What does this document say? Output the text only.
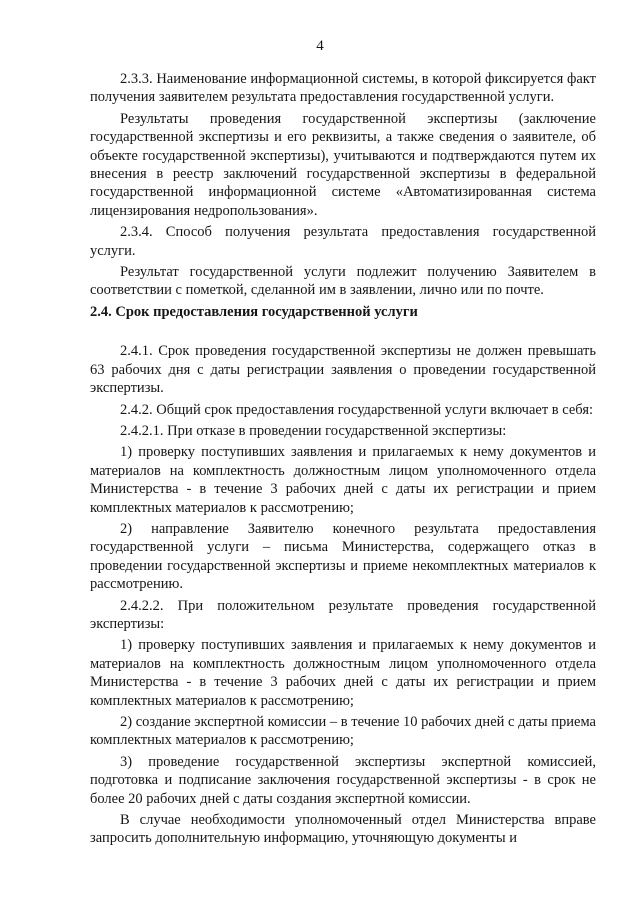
4

2.3.3. Наименование информационной системы, в которой фиксируется факт получения заявителем результата предоставления государственной услуги.

Результаты проведения государственной экспертизы (заключение государственной экспертизы и его реквизиты, а также сведения о заявителе, об объекте государственной экспертизы), учитываются и подтверждаются путем их внесения в реестр заключений государственной экспертизы в федеральной государственной информационной системе «Автоматизированная система лицензирования недропользования».

2.3.4. Способ получения результата предоставления государственной услуги.

Результат государственной услуги подлежит получению Заявителем в соответствии с пометкой, сделанной им в заявлении, лично или по почте.

2.4. Срок предоставления государственной услуги

2.4.1. Срок проведения государственной экспертизы не должен превышать 63 рабочих дня с даты регистрации заявления о проведении государственной экспертизы.

2.4.2. Общий срок предоставления государственной услуги включает в себя:

2.4.2.1. При отказе в проведении государственной экспертизы:

1) проверку поступивших заявления и прилагаемых к нему документов и материалов на комплектность должностным лицом уполномоченного отдела Министерства - в течение 3 рабочих дней с даты их регистрации и прием комплектных материалов к рассмотрению;

2) направление Заявителю конечного результата предоставления государственной услуги – письма Министерства, содержащего отказ в проведении государственной экспертизы и приеме некомплектных материалов к рассмотрению.

2.4.2.2. При положительном результате проведения государственной экспертизы:

1) проверку поступивших заявления и прилагаемых к нему документов и материалов на комплектность должностным лицом уполномоченного отдела Министерства - в течение 3 рабочих дней с даты их регистрации и прием комплектных материалов к рассмотрению;

2) создание экспертной комиссии – в течение 10 рабочих дней с даты приема комплектных материалов к рассмотрению;

3) проведение государственной экспертизы экспертной комиссией, подготовка и подписание заключения государственной экспертизы - в срок не более 20 рабочих дней с даты создания экспертной комиссии.

В случае необходимости уполномоченный отдел Министерства вправе запросить дополнительную информацию, уточняющую документы и
